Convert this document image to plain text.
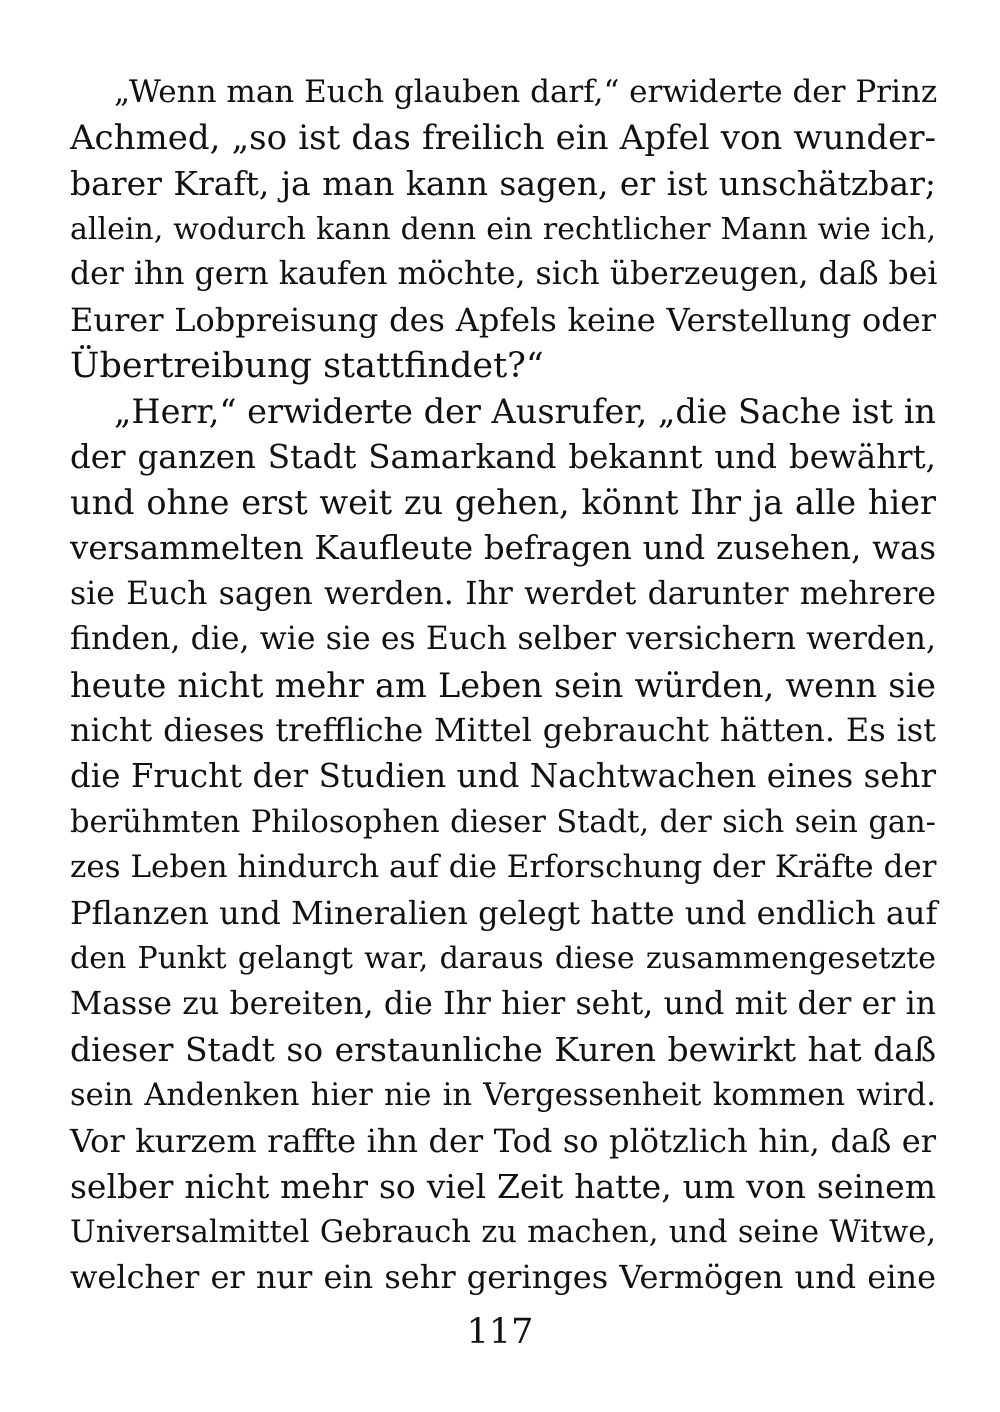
„Wenn man Euch glauben darf,“ erwiderte der Prinz
Achmed, „so ist das freilich ein Apfel von wunder-
barer Kraft, ja man kann sagen, er ist unschätzbar;
allein, wodurch kann denn ein rechtlicher Mann wie ich,
der ihn gern kaufen möchte, sich überzeugen, daß bei
Eurer Lobpreisung des Apfels keine Verstellung oder
Übertreibung stattfindet?“
„Herr,“ erwiderte der Ausrufer, „die Sache ist in
der ganzen Stadt Samarkand bekannt und bewährt,
und ohne erst weit zu gehen, könnt Ihr ja alle hier
versammelten Kaufleute befragen und zusehen, was
sie Euch sagen werden. Ihr werdet darunter mehrere
finden, die, wie sie es Euch selber versichern werden,
heute nicht mehr am Leben sein würden, wenn sie
nicht dieses treffliche Mittel gebraucht hätten. Es ist
die Frucht der Studien und Nachtwachen eines sehr
berühmten Philosophen dieser Stadt, der sich sein gan-
zes Leben hindurch auf die Erforschung der Kräfte der
Pflanzen und Mineralien gelegt hatte und endlich auf
den Punkt gelangt war, daraus diese zusammengesetzte
Masse zu bereiten, die Ihr hier seht, und mit der er in
dieser Stadt so erstaunliche Kuren bewirkt hat daß
sein Andenken hier nie in Vergessenheit kommen wird.
Vor kurzem raffte ihn der Tod so plötzlich hin, daß er
selber nicht mehr so viel Zeit hatte, um von seinem
Universalmittel Gebrauch zu machen, und seine Witwe,
welcher er nur ein sehr geringes Vermögen und eine
117
